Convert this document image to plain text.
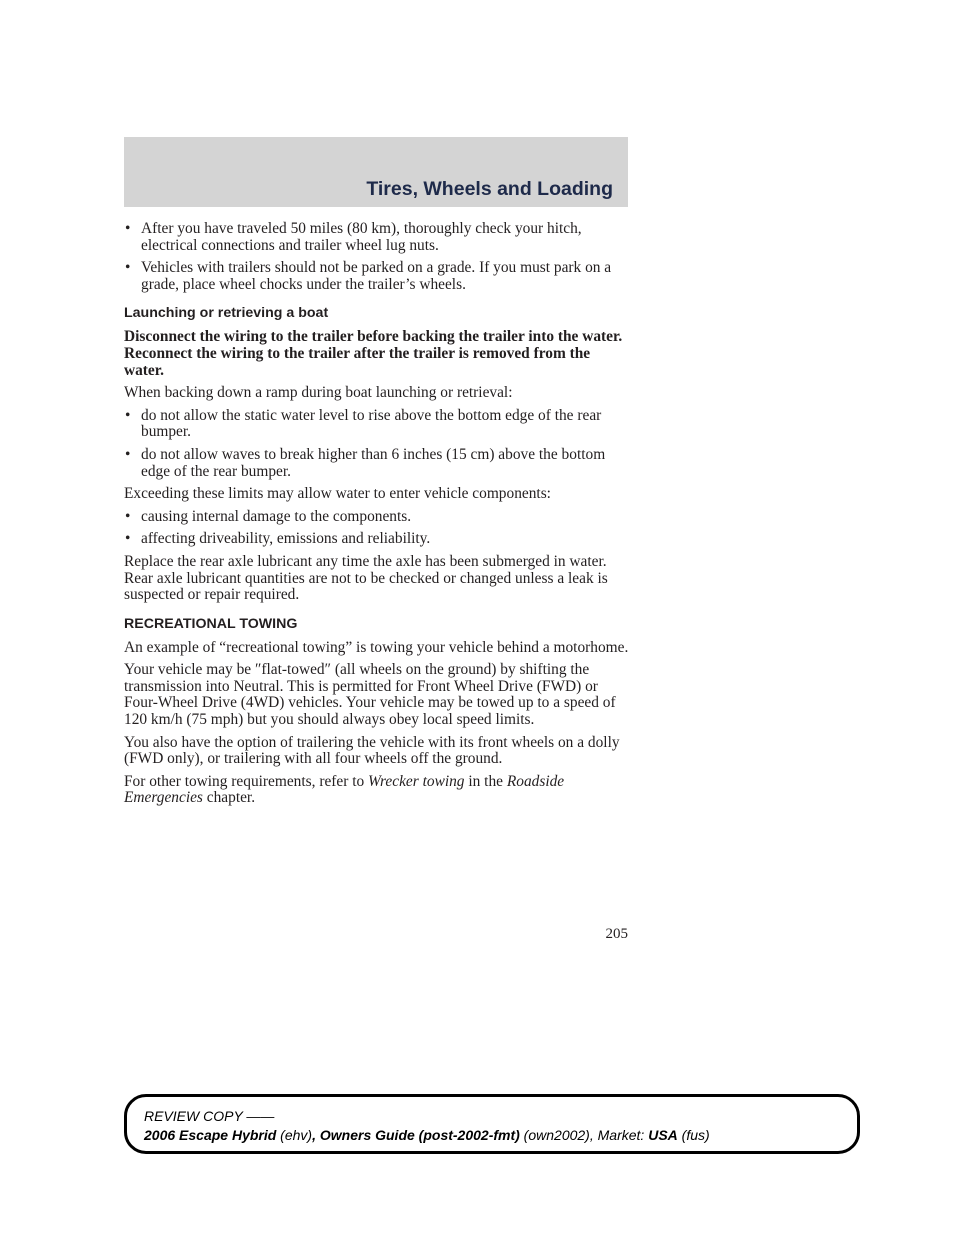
Tires, Wheels and Loading
• After you have traveled 50 miles (80 km), thoroughly check your hitch, electrical connections and trailer wheel lug nuts.
• Vehicles with trailers should not be parked on a grade. If you must park on a grade, place wheel chocks under the trailer’s wheels.
Launching or retrieving a boat

Disconnect the wiring to the trailer before backing the trailer into the water. Reconnect the wiring to the trailer after the trailer is removed from the water.

When backing down a ramp during boat launching or retrieval:

• do not allow the static water level to rise above the bottom edge of the rear bumper.
• do not allow waves to break higher than 6 inches (15 cm) above the bottom edge of the rear bumper.

Exceeding these limits may allow water to enter vehicle components:

• causing internal damage to the components.
• affecting driveability, emissions and reliability.

Replace the rear axle lubricant any time the axle has been submerged in water. Rear axle lubricant quantities are not to be checked or changed unless a leak is suspected or repair required.

RECREATIONAL TOWING

An example of “recreational towing” is towing your vehicle behind a motorhome.

Your vehicle may be ″flat-towed″ (all wheels on the ground) by shifting the transmission into Neutral. This is permitted for Front Wheel Drive (FWD) or Four-Wheel Drive (4WD) vehicles. Your vehicle may be towed up to a speed of 120 km/h (75 mph) but you should always obey local speed limits.

You also have the option of trailering the vehicle with its front wheels on a dolly (FWD only), or trailering with all four wheels off the ground.

For other towing requirements, refer to Wrecker towing in the Roadside Emergencies chapter.

205
REVIEW COPY ——
2006 Escape Hybrid (ehv), Owners Guide (post-2002-fmt) (own2002), Market: USA (fus)
